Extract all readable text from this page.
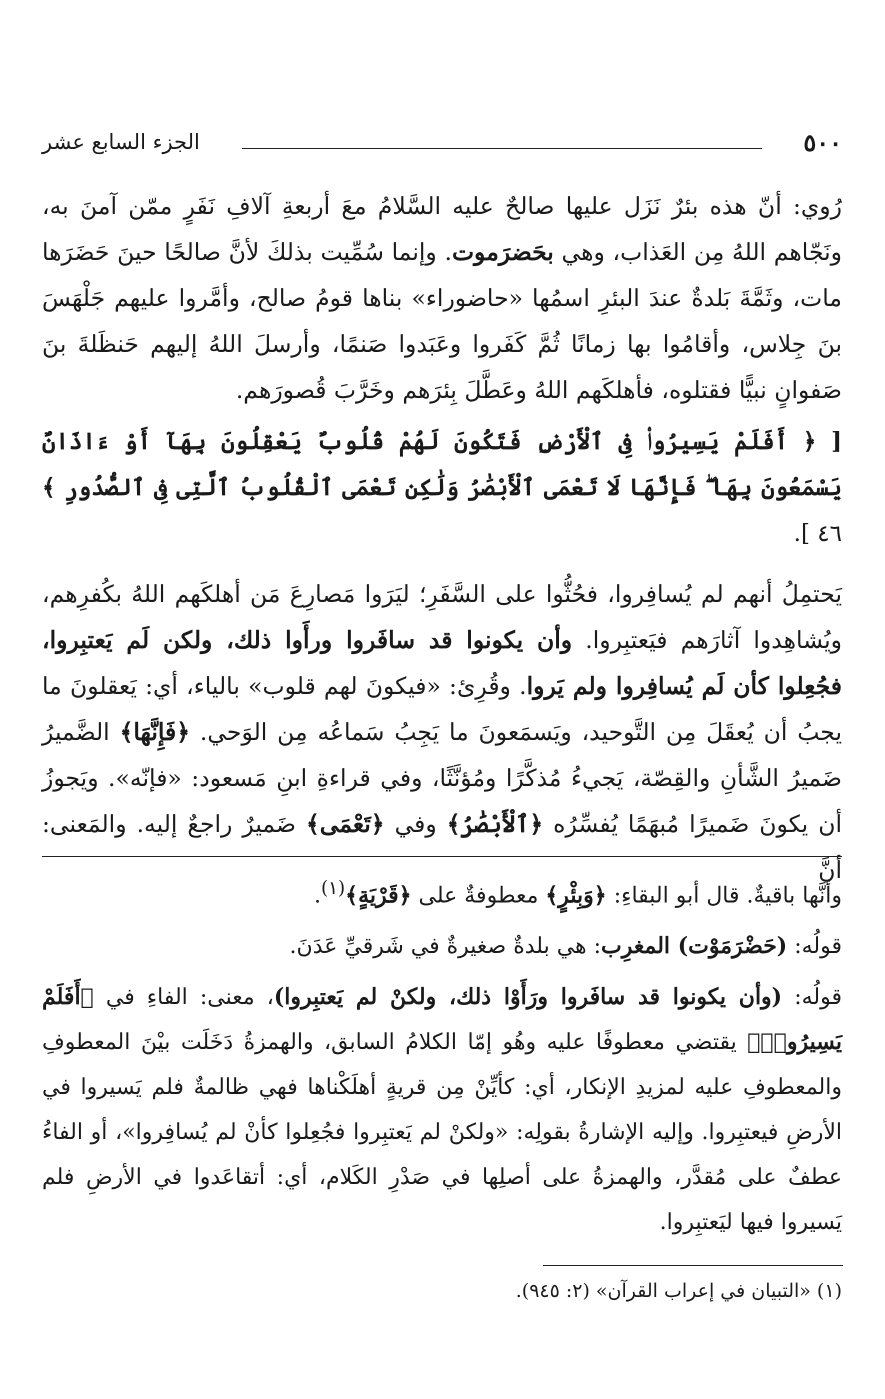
٥٠٠
الجزء السابع عشر

رُوي: أنّ هذه بئرٌ نَزَل عليها صالحٌ عليه السَّلامُ معَ أربعةِ آلافِ نَفَرٍ ممّن آمنَ به، ونَجّاهم اللهُ مِن العَذاب، وهي بحَضرَموت. وإنما سُمِّيت بذلكَ لأنَّ صالحًا حينَ حَضَرَها مات، وثَمَّةَ بَلدةٌ عندَ البئرِ اسمُها «حاضوراء» بناها قومُ صالح، وأمَّروا عليهم جَلْهَسَ بنَ جِلاس، وأقامُوا بها زمانًا ثُمَّ كَفَروا وعَبَدوا صَنمًا، وأرسلَ اللهُ إليهم حَنظَلةَ بنَ صَفوانٍ نبيًّا فقتلوه، فأهلكَهم اللهُ وعَطَّلَ بِئرَهم وخَرَّبَ قُصورَهم.

[ ﴿ أَفَلَمْ يَسِيرُوا۟ فِى ٱلْأَرْضِ فَتَكُونَ لَهُمْ قُلُوبٌ يَعْقِلُونَ بِهَآ أَوْ ءَاذَانٌ يَسْمَعُونَ بِهَا ۖ فَإِنَّهَا لَا تَعْمَى ٱلْأَبْصَٰرُ وَلَٰكِن تَعْمَى ٱلْقُلُوبُ ٱلَّتِى فِى ٱلصُّدُورِ ﴾ ٤٦ ].

يَحتمِلُ أنهم لم يُسافِروا، فحُثُّوا على السَّفَرِ؛ ليَرَوا مَصارِعَ مَن أهلكَهم اللهُ بكُفرِهم، ويُشاهِدوا آثارَهم فيَعتبِروا. وأن يكونوا قد سافَروا ورأَوا ذلك، ولكن لَم يَعتبِروا، فجُعِلوا كأن لَم يُسافِروا ولم يَروا. وقُرِئ: «فيكونَ لهم قلوب» بالياء، أي: يَعقلونَ ما يجبُ أن يُعقَلَ مِن التَّوحيد، ويَسمَعونَ ما يَجِبُ سَماعُه مِن الوَحي. ﴿فَإِنَّهَا﴾ الضَّميرُ ضَميرُ الشَّأنِ والقِصّة، يَجيءُ مُذكَّرًا ومُؤنَّثًا، وفي قراءةِ ابنِ مَسعود: «فإنّه». ويَجوزُ أن يكونَ ضَميرًا مُبهَمًا يُفسِّرُه ﴿ٱلْأَبْصَٰرُ﴾ وفي ﴿تَعْمَى﴾ ضَميرٌ راجعٌ إليه. والمَعنى: أنَّ

وأنَّها باقيةٌ. قال أبو البقاءِ: ﴿وَبِئْرٍ﴾ معطوفةٌ على ﴿قَرْيَةٍ﴾$^{(١)}$.

قولُه: (حَضْرَمَوْت) المغرِب: هي بلدةٌ صغيرةٌ في شَرقيِّ عَدَنَ.

قولُه: (وأن يكونوا قد سافَروا ورَأَوْا ذلك، ولكنْ لم يَعتبِروا)، معنى: الفاءِ في ﴿أَفَلَمْ يَسِيرُوا۟﴾ يقتضي معطوفًا عليه وهُو إمّا الكلامُ السابق، والهمزةُ دَخَلَت بيْنَ المعطوفِ والمعطوفِ عليه لمزيدِ الإنكار، أي: كأيِّنْ مِن قريةٍ أهلَكْناها فهي ظالمةٌ فلم يَسيروا في الأرضِ فيعتبِروا. وإليه الإشارةُ بقولِه: «ولكنْ لم يَعتبِروا فجُعِلوا كأنْ لم يُسافِروا»، أو الفاءُ عطفٌ على مُقدَّر، والهمزةُ على أصلِها في صَدْرِ الكَلام، أي: أتقاعَدوا في الأرضِ فلم يَسيروا فيها ليَعتبِروا.

(١) «التبيان في إعراب القرآن» (٢: ٩٤٥).
